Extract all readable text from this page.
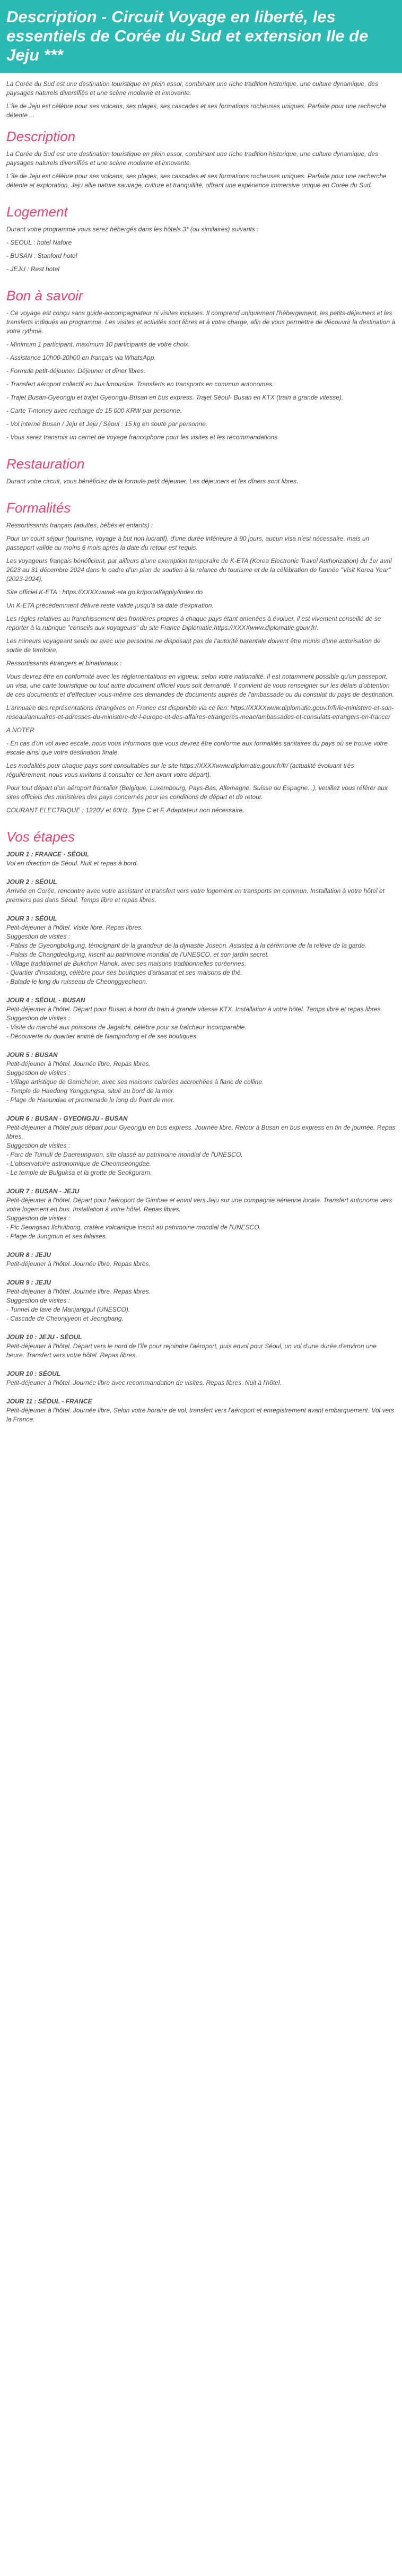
Description - Circuit Voyage en liberté, les essentiels de Corée du Sud et extension Ile de Jeju ***

La Corée du Sud est une destination touristique en plein essor, combinant une riche tradition historique, une culture dynamique, des paysages naturels diversifiés et une scène moderne et innovante.

L'île de Jeju est célèbre pour ses volcans, ses plages, ses cascades et ses formations rocheuses uniques. Parfaite pour une recherche détente ...

Description

La Corée du Sud est une destination touristique en plein essor, combinant une riche tradition historique, une culture dynamique, des paysages naturels diversifiés et une scène moderne et innovante.

L'île de Jeju est célèbre pour ses volcans, ses plages, ses cascades et ses formations rocheuses uniques. Parfaite pour une recherche détente et exploration, Jeju allie nature sauvage, culture et tranquillité, offrant une expérience immersive unique en Corée du Sud.

Logement

Durant votre programme vous serez hébergés dans les hôtels 3* (ou similaires) suivants :

- SEOUL : hotel Nafore

- BUSAN : Stanford hotel

- JEJU : Rest hotel

Bon à savoir

- Ce voyage est conçu sans guide-accompagnateur ni visites incluses. Il comprend uniquement l'hébergement, les petits-déjeuners et les transferts indiqués au programme. Les visites et activités sont libres et à votre charge, afin de vous permettre de découvrir la destination à votre rythme.

- Minimum 1 participant, maximum 10 participants de votre choix.

- Assistance 10h00-20h00 en français via WhatsApp.

- Formule petit-déjeuner. Déjeuner et dîner libres.

- Transfert aéroport collectif en bus limousine. Transferts en transports en commun autonomes.

- Trajet Busan-Gyeongju et trajet Gyeongju-Busan en bus express. Trajet Séoul- Busan en KTX (train à grande vitesse).

- Carte T-money avec recharge de 15 000 KRW par personne.

- Vol interne Busan / Jeju et Jeju / Séoul : 15 kg en soute par personne.

- Vous serez transmis un carnet de voyage francophone pour les visites et les recommandations.

Restauration

Durant votre circuit, vous bénéficiez de la formule petit déjeuner. Les déjeuners et les dîners sont libres.

Formalités

Ressortissants français (adultes, bébés et enfants) :

Pour un court séjour (tourisme, voyage à but non lucratif), d'une durée inférieure à 90 jours, aucun visa n'est nécessaire, mais un passeport valide au moins 6 mois après la date du retour est requis.

Les voyageurs français bénéficient, par ailleurs d'une exemption temporaire de K-ETA (Korea Electronic Travel Authorization) du 1er avril 2023 au 31 décembre 2024 dans le cadre d'un plan de soutien à la relance du tourisme et de la célébration de l'année "Visit Korea Year" (2023-2024).

Site officiel K-ETA : https://XXXXwwwk-eta.go.kr/portal/apply/index.do

Un K-ETA précédemment délivré reste valide jusqu'à sa date d'expiration.

Les règles relatives au franchissement des frontières propres à chaque pays étant amenées à évoluer, il est vivement conseillé de se reporter à la rubrique "conseils aux voyageurs" du site France Diplomatie,https://XXXXwww.diplomatie.gouv.fr/.

Les mineurs voyageant seuls ou avec une personne ne disposant pas de l'autorité parentale doivent être munis d'une autorisation de sortie de territoire.

Ressortissants étrangers et binationaux :

Vous devrez être en conformité avec les réglementations en vigueur, selon votre nationalité. Il est notamment possible qu'un passeport, un visa, une carte touristique ou tout autre document officiel vous soit demandé. Il convient de vous renseigner sur les délais d'obtention de ces documents et d'effectuer vous-même ces demandes de documents auprès de l'ambassade ou du consulat du pays de destination.

L'annuaire des représentations étrangères en France est disponible via ce lien: https://XXXXwww.diplomatie.gouv.fr/fr/le-ministere-et-son-reseau/annuaires-et-adresses-du-ministere-de-l-europe-et-des-affaires-etrangeres-meae/ambassades-et-consulats-etrangers-en-france/

A NOTER

- En cas d'un vol avec escale, nous vous informons que vous devrez être conforme aux formalités sanitaires du pays où se trouve votre escale ainsi que votre destination finale.

Les modalités pour chaque pays sont consultables sur le site https://XXXXwww.diplomatie.gouv.fr/fr/ (actualité évoluant très régulièrement, nous vous invitons à consulter ce lien avant votre départ).

Pour tout départ d'un aéroport frontalier (Belgique, Luxembourg, Pays-Bas, Allemagne, Suisse ou Espagne...), veuillez vous référer aux sites officiels des ministères des pays concernés pour les conditions de départ et de retour.

COURANT ELECTRIQUE : 1220V et 60Hz. Type C et F. Adaptateur non nécessaire.

Vos étapes
JOUR 1 : FRANCE - SÉOUL
Vol en direction de Séoul. Nuit et repas à bord.
JOUR 2 : SÉOUL
Arrivée en Corée, rencontre avec votre assistant et transfert vers votre logement en transports en commun. Installation à votre hôtel et premiers pas dans Séoul. Temps libre et repas libres.
JOUR 3 : SÉOUL
Petit-déjeuner à l'hôtel. Visite libre. Repas libres.
Suggestion de visites :
- Palais de Gyeongbokgung, témoignant de la grandeur de la dynastie Joseon. Assistez à la cérémonie de la relève de la garde.
- Palais de Changdeokgung, inscrit au patrimoine mondial de l'UNESCO, et son jardin secret.
- Village traditionnel de Bukchon Hanok, avec ses maisons traditionnelles coréennes.
- Quartier d'Insadong, célèbre pour ses boutiques d'artisanat et ses maisons de thé.
- Balade le long du ruisseau de Cheonggyecheon.
JOUR 4 : SÉOUL - BUSAN
Petit-déjeuner à l'hôtel. Départ pour Busan à bord du train à grande vitesse KTX. Installation à votre hôtel. Temps libre et repas libres.
Suggestion de visites :
- Visite du marché aux poissons de Jagalchi, célèbre pour sa fraîcheur incomparable.
- Découverte du quartier animé de Nampodong et de ses boutiques.
JOUR 5 : BUSAN
Petit-déjeuner à l'hôtel. Journée libre. Repas libres.
Suggestion de visites :
- Village artistique de Gamcheon, avec ses maisons colorées accrochées à flanc de colline.
- Temple de Haedong Yonggungsa, situé au bord de la mer.
- Plage de Haeundae et promenade le long du front de mer.
JOUR 6 : BUSAN - GYEONGJU - BUSAN
Petit-déjeuner à l'hôtel puis départ pour Gyeongju en bus express. Journée libre. Retour à Busan en bus express en fin de journée. Repas libres.
Suggestion de visites :
- Parc de Tumuli de Daereungwon, site classé au patrimoine mondial de l'UNESCO.
- L'observatoire astronomique de Cheomseongdae.
- Le temple de Bulguksa et la grotte de Seokguram.
JOUR 7 : BUSAN - JEJU
Petit-déjeuner à l'hôtel. Départ pour l'aéroport de Gimhae et envol vers Jeju sur une compagnie aérienne locale. Transfert autonome vers votre logement en bus. Installation à votre hôtel. Repas libres.
Suggestion de visites :
- Pic Seongsan Ilchulbong, cratère volcanique inscrit au patrimoine mondial de l'UNESCO.
- Plage de Jungmun et ses falaises.
JOUR 8 : JEJU
Petit-déjeuner à l'hôtel. Journée libre. Repas libres.
JOUR 9 : JEJU
Petit-déjeuner à l'hôtel. Journée libre. Repas libres.
Suggestion de visites :
- Tunnel de lave de Manjanggul (UNESCO).
- Cascade de Cheonjiyeon et Jeongbang.
JOUR 10 : JEJU - SÉOUL
Petit-déjeuner à l'hôtel. Départ vers le nord de l'île pour rejoindre l'aéroport, puis envol pour Séoul, un vol d'une durée d'environ une heure. Transfert vers votre hôtel. Repas libres.
JOUR 10 : SÉOUL
Petit-déjeuner à l'hôtel. Journée libre avec recommandation de visites. Repas libres. Nuit à l'hôtel.
JOUR 11 : SÉOUL - FRANCE
Petit-déjeuner à l'hôtel. Journée libre, Selon votre horaire de vol, transfert vers l'aéroport et enregistrement avant embarquement. Vol vers la France.
